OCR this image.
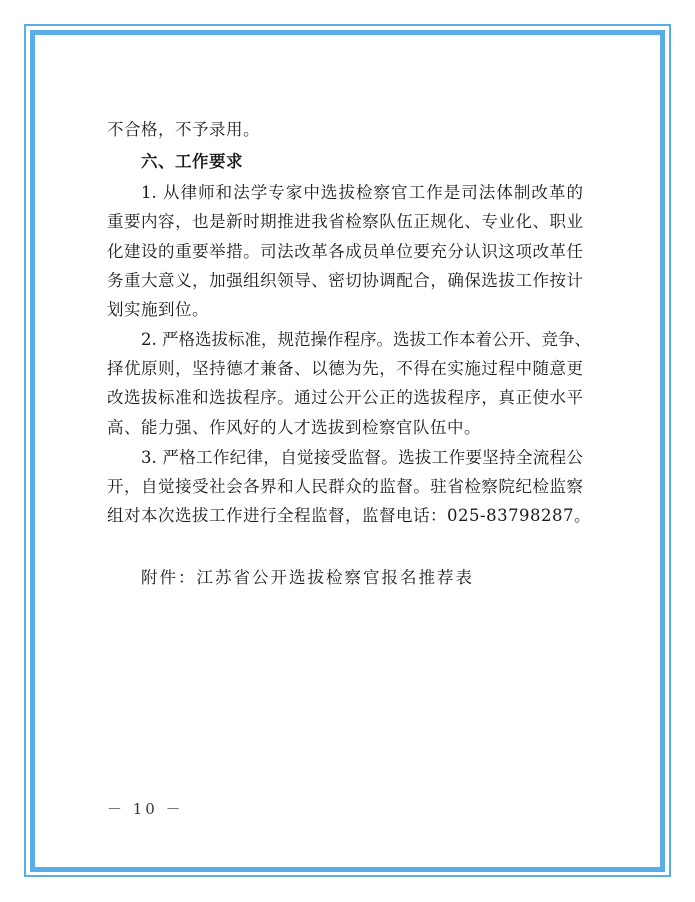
不合格，不予录用。
六、工作要求
1. 从律师和法学专家中选拔检察官工作是司法体制改革的
重要内容，也是新时期推进我省检察队伍正规化、专业化、职业
化建设的重要举措。司法改革各成员单位要充分认识这项改革任
务重大意义，加强组织领导、密切协调配合，确保选拔工作按计
划实施到位。
2. 严格选拔标准，规范操作程序。选拔工作本着公开、竞争、
择优原则，坚持德才兼备、以德为先，不得在实施过程中随意更
改选拔标准和选拔程序。通过公开公正的选拔程序，真正使水平
高、能力强、作风好的人才选拔到检察官队伍中。
3. 严格工作纪律，自觉接受监督。选拔工作要坚持全流程公
开，自觉接受社会各界和人民群众的监督。驻省检察院纪检监察
组对本次选拔工作进行全程监督，监督电话：025-83798287。
附件：江苏省公开选拔检察官报名推荐表
－ 10 －
